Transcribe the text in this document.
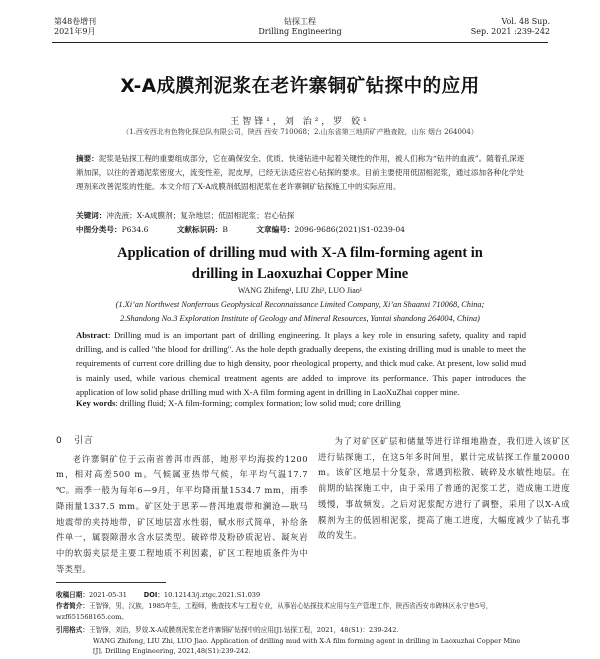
第48卷增刊
2021年9月
钻探工程
Drilling Engineering
Vol. 48 Sup.
Sep. 2021 :239-242
X-A成膜剂泥浆在老许寨铜矿钻探中的应用
王智锋¹，刘 治²，罗 姣¹
（1.西安西北有色物化探总队有限公司，陕西 西安 710068；2.山东省第三地质矿产勘查院，山东 烟台 264004）
摘要：泥浆是钻探工程的重要组成部分，它在确保安全、优质、快速钻进中起着关键性的作用，被人们称为“钻井的血液”。随着孔深逐渐加深，以往的普通泥浆密度大，流变性差，泥皮厚，已经无法适应岩心钻探的要求。目前主要使用低固相泥浆，通过添加各种化学处理剂来改善泥浆的性能。本文介绍了X-A成膜剂低固相泥浆在老许寨铜矿钻探施工中的实际应用。
关键词：冲洗液；X-A成膜剂；复杂地层；低固相泥浆；岩心钻探
中图分类号：P634.6	文献标识码：B	文章编号：2096-9686(2021)S1-0239-04
Application of drilling mud with X-A film-forming agent in
drilling in Laoxuzhai Copper Mine
WANG Zhifeng¹, LIU Zhi², LUO Jiao¹
(1.Xi’an Northwest Nonferrous Geophysical Reconnaissance Limited Company, Xi’an Shaanxi 710068, China;
2.Shandong No.3 Exploration Institute of Geology and Mineral Resources, Yantai shandong 264004, China)
Abstract: Drilling mud is an important part of drilling engineering. It plays a key role in ensuring safety, quality and rapid drilling, and is called "the blood for drilling". As the hole depth gradually deepens, the existing drilling mud is unable to meet the requirements of current core drilling due to high density, poor rheological property, and thick mud cake. At present, low solid mud is mainly used, while various chemical treatment agents are added to improve its performance. This paper introduces the application of low solid phase drilling mud with X-A film forming agent in drilling in LaoXuZhai copper mine.
Key words: drilling fluid; X-A film-forming; complex formation; low solid mud; core drilling
0 引言

老许寨铜矿位于云南省普洱市西部，地形平均海拔约1200 m，相对高差500 m。气候属亚热带气候，年平均气温17.7 ℃。雨季一般为每年6—9月，年平均降雨量1534.7 mm，雨季降雨量1337.5 mm。矿区处于思茅—普洱地震带和澜沧—耿马地震带的夹持地带，矿区地层富水性弱，赋水形式简单，补给条件单一，属裂隙潜水含水层类型。破碎带及粉砂质泥岩、凝灰岩中的软弱夹层是主要工程地质不利因素，矿区工程地质条件为中等类型。

为了对矿区矿层和储量等进行详细地勘查，我们进入该矿区进行钻探施工，在这5年多时间里，累计完成钻探工作量20000 m。该矿区地层十分复杂，常遇到松散、破碎及水敏性地层。在前期的钻探施工中，由于采用了普通的泥浆工艺，造成施工进度缓慢，事故频发。之后对泥浆配方进行了调整，采用了以X-A成膜剂为主的低固相泥浆，提高了施工进度，大幅度减少了钻孔事故的发生。

收稿日期：2021-05-31	DOI：10.12143/j.ztgc.2021.S1.039
作者简介：王智锋，男，汉族，1985年生，工程师，勘查技术与工程专业，从事岩心钻探技术应用与生产管理工作，陕西省西安市碑林区永宁巷5号，wzf651568165.com。
引用格式：王智锋，刘治，罗姣.X-A成膜剂泥浆在老许寨铜矿钻探中的应用[J].钻探工程，2021，48(S1)：239-242.
WANG Zhifeng, LIU Zhi, LUO Jiao. Application of drilling mud with X-A film forming agent in drilling in Laoxuzhai Copper Mine
[J]. Drilling Engineering, 2021,48(S1):239-242.
